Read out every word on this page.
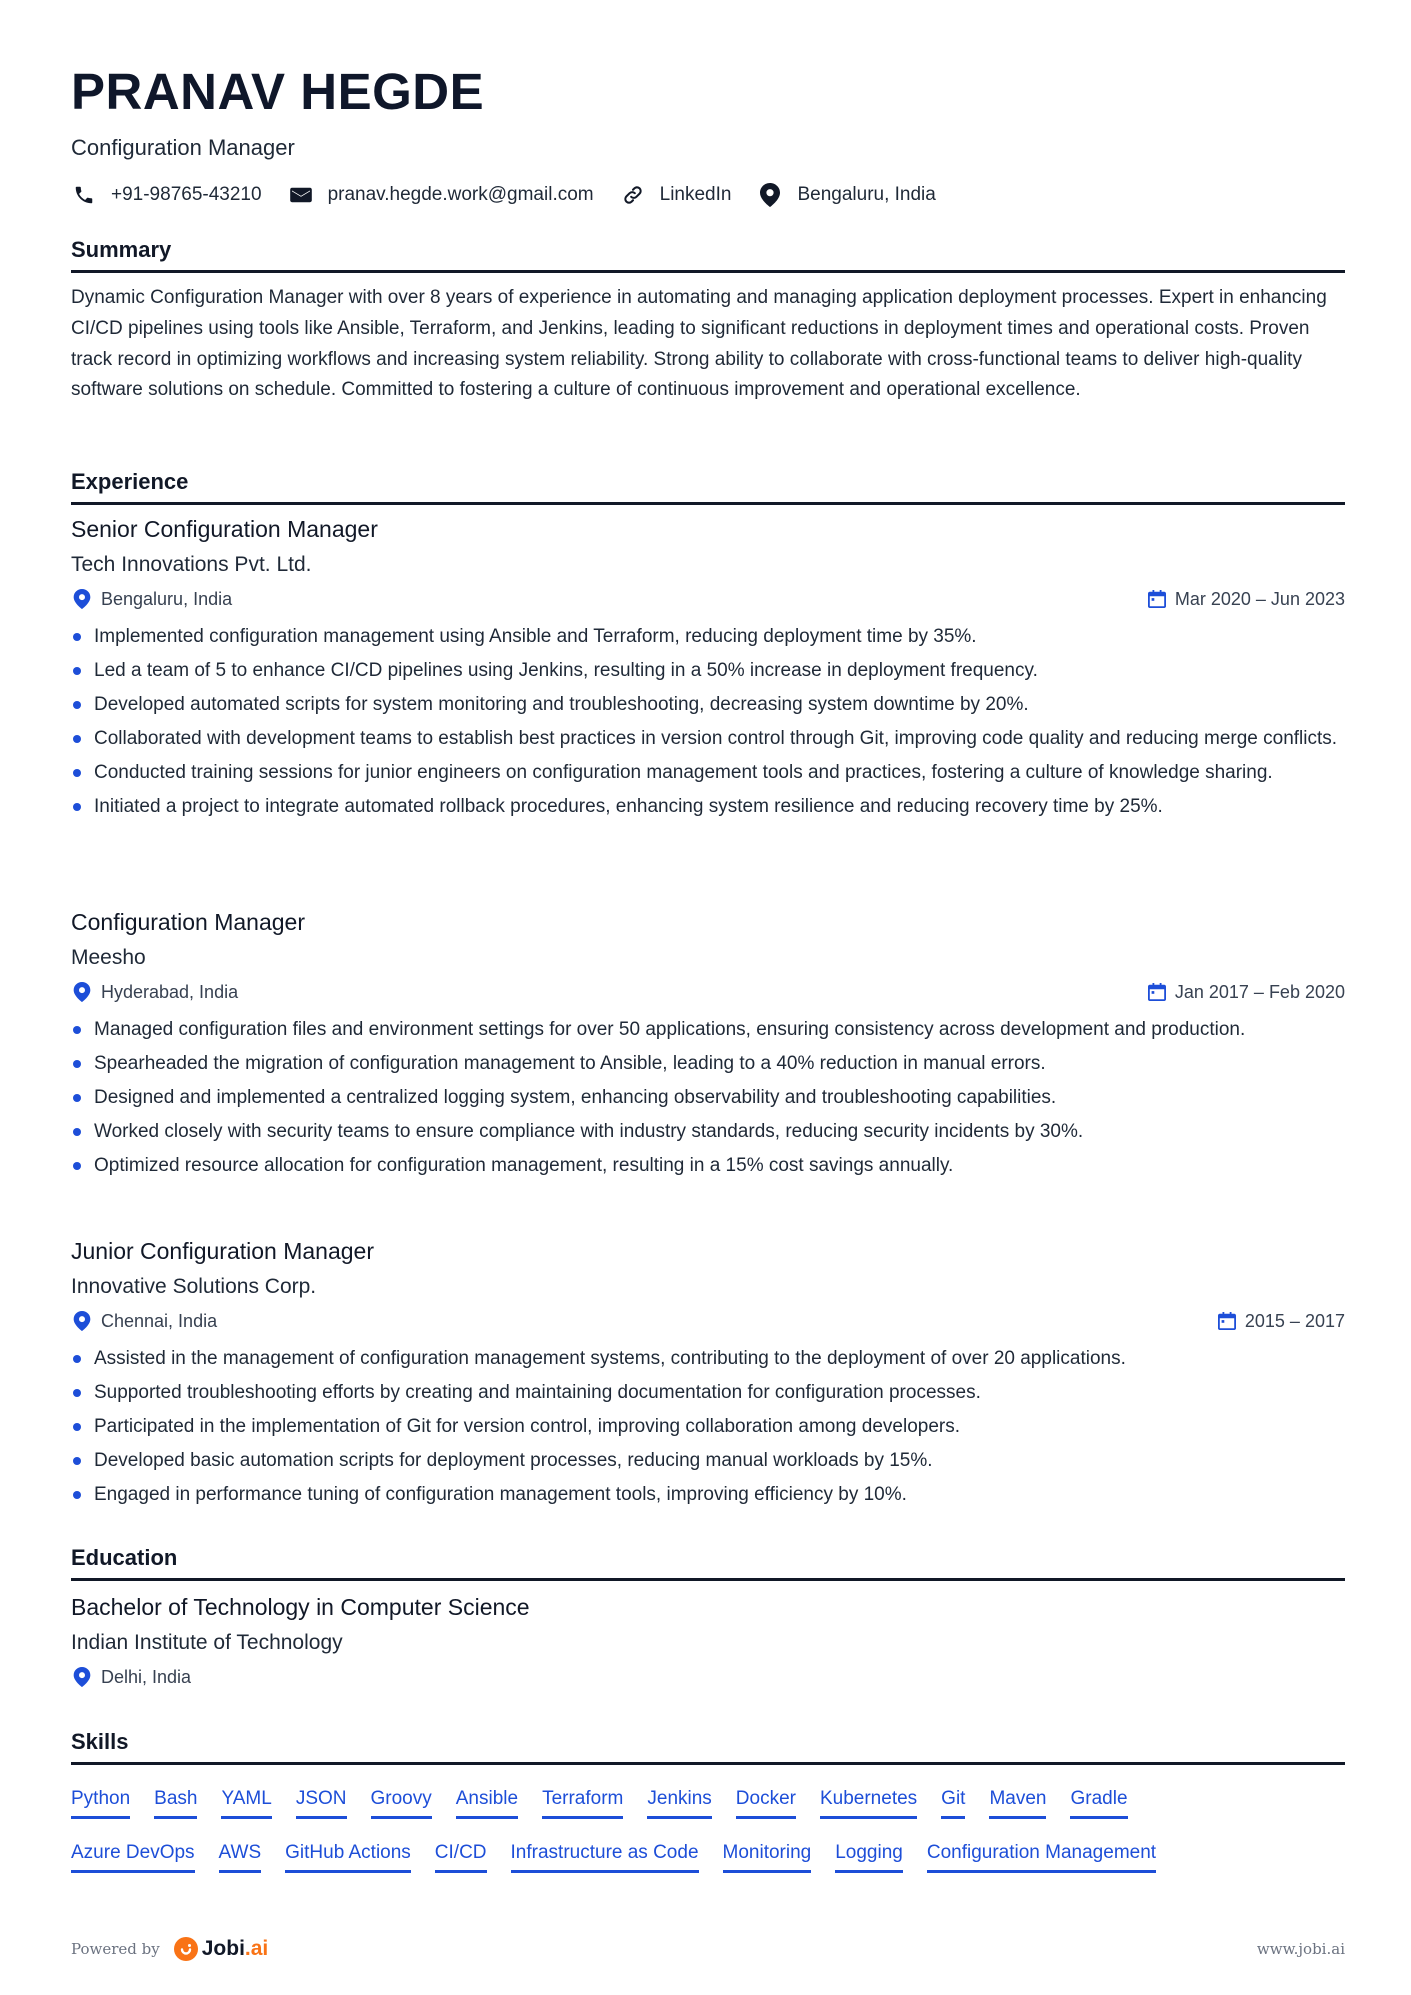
PRANAV HEGDE
Configuration Manager
+91-98765-43210	pranav.hegde.work@gmail.com	LinkedIn	Bengaluru, India
Summary

Dynamic Configuration Manager with over 8 years of experience in automating and managing application deployment processes. Expert in enhancing CI/CD pipelines using tools like Ansible, Terraform, and Jenkins, leading to significant reductions in deployment times and operational costs. Proven track record in optimizing workflows and increasing system reliability. Strong ability to collaborate with cross-functional teams to deliver high-quality software solutions on schedule. Committed to fostering a culture of continuous improvement and operational excellence.

Experience
Senior Configuration Manager
Tech Innovations Pvt. Ltd.
Bengaluru, India	Mar 2020 – Jun 2023
Implemented configuration management using Ansible and Terraform, reducing deployment time by 35%.
Led a team of 5 to enhance CI/CD pipelines using Jenkins, resulting in a 50% increase in deployment frequency.
Developed automated scripts for system monitoring and troubleshooting, decreasing system downtime by 20%.
Collaborated with development teams to establish best practices in version control through Git, improving code quality and reducing merge conflicts.
Conducted training sessions for junior engineers on configuration management tools and practices, fostering a culture of knowledge sharing.
Initiated a project to integrate automated rollback procedures, enhancing system resilience and reducing recovery time by 25%.
Configuration Manager
Meesho
Hyderabad, India	Jan 2017 – Feb 2020
Managed configuration files and environment settings for over 50 applications, ensuring consistency across development and production.
Spearheaded the migration of configuration management to Ansible, leading to a 40% reduction in manual errors.
Designed and implemented a centralized logging system, enhancing observability and troubleshooting capabilities.
Worked closely with security teams to ensure compliance with industry standards, reducing security incidents by 30%.
Optimized resource allocation for configuration management, resulting in a 15% cost savings annually.
Junior Configuration Manager
Innovative Solutions Corp.
Chennai, India	2015 – 2017
Assisted in the management of configuration management systems, contributing to the deployment of over 20 applications.
Supported troubleshooting efforts by creating and maintaining documentation for configuration processes.
Participated in the implementation of Git for version control, improving collaboration among developers.
Developed basic automation scripts for deployment processes, reducing manual workloads by 15%.
Engaged in performance tuning of configuration management tools, improving efficiency by 10%.
Education
Bachelor of Technology in Computer Science
Indian Institute of Technology
Delhi, India
Skills
Python Bash YAML JSON Groovy Ansible Terraform Jenkins Docker Kubernetes Git Maven Gradle
Azure DevOps AWS GitHub Actions CI/CD Infrastructure as Code Monitoring Logging Configuration Management
Powered by Jobi.ai	www.jobi.ai
